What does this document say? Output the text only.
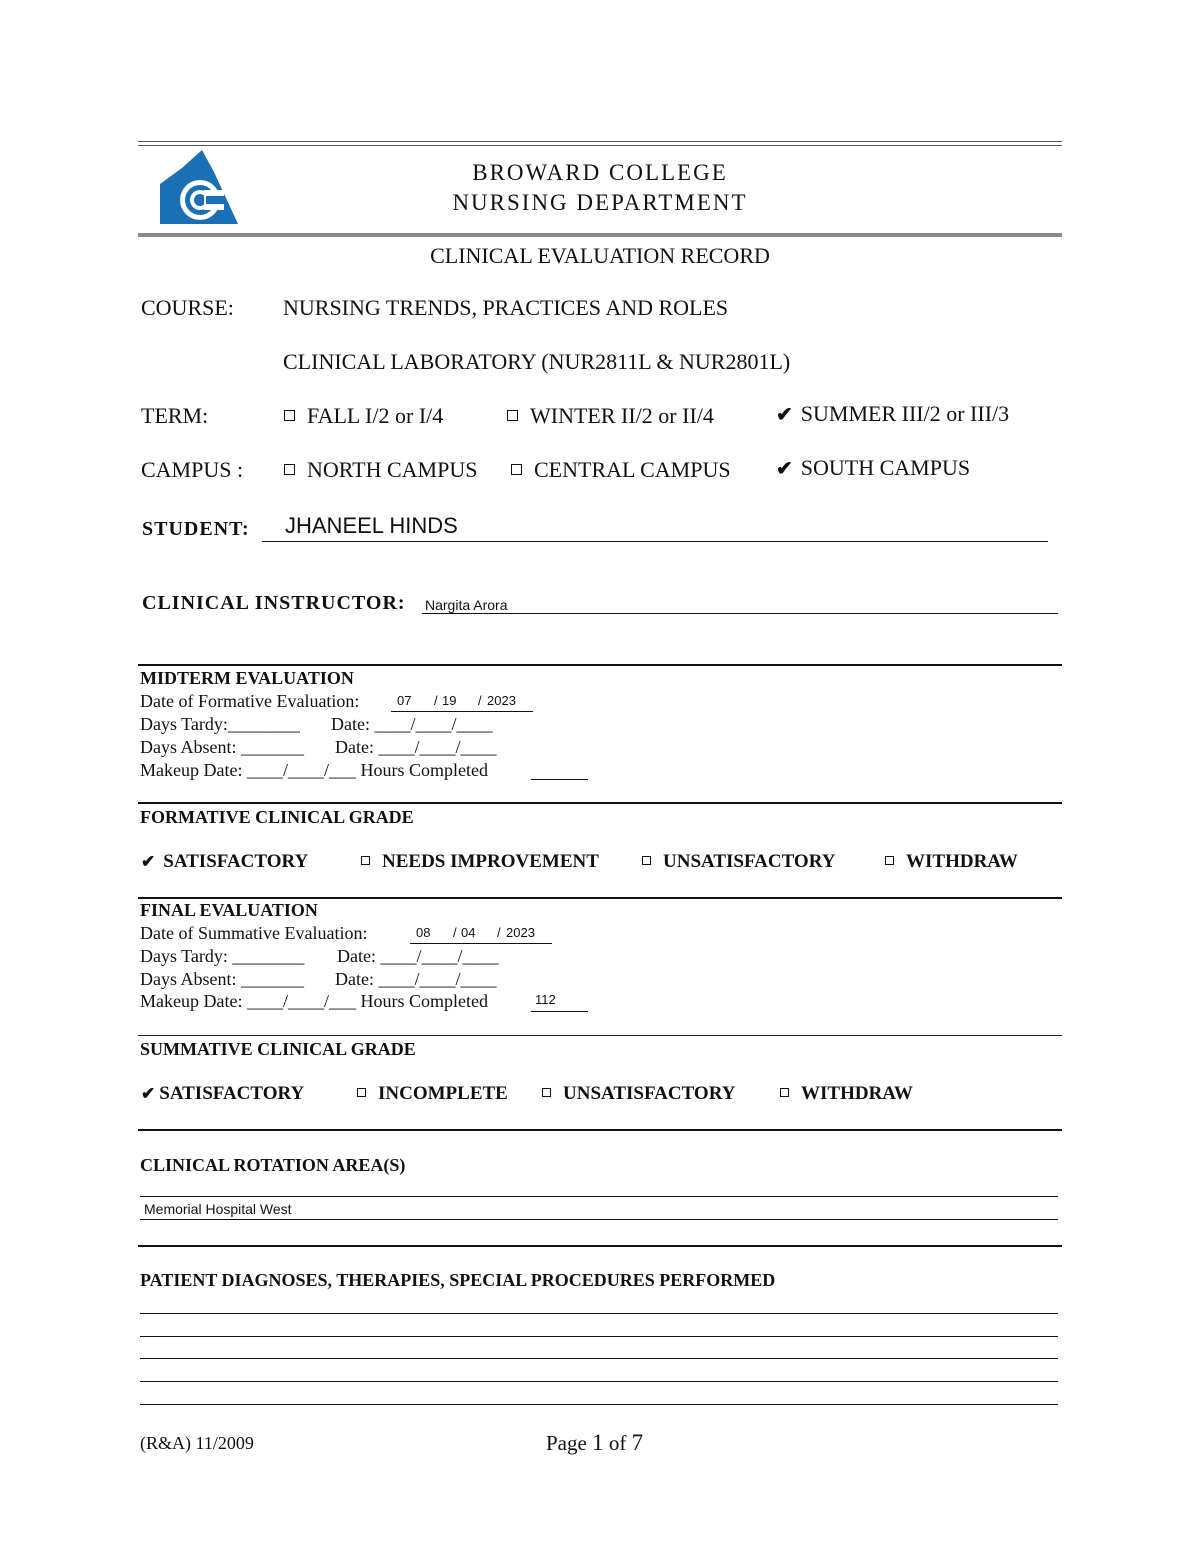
BROWARD COLLEGE
NURSING DEPARTMENT
CLINICAL EVALUATION RECORD
COURSE: NURSING TRENDS, PRACTICES AND ROLES
CLINICAL LABORATORY (NUR2811L & NUR2801L)
TERM:	FALL I/2 or I/4	WINTER II/2 or II/4	✔ SUMMER III/2 or III/3
CAMPUS :	NORTH CAMPUS	CENTRAL CAMPUS ✔ SOUTH CAMPUS
STUDENT: JHANEEL HINDS
CLINICAL INSTRUCTOR: Nargita Arora
MIDTERM EVALUATION
Date of Formative Evaluation:	07 / 19 / 2023
Days Tardy:________ Date: ____/____/____
Days Absent: _______ Date: ____/____/____
Makeup Date: ____/____/___ Hours Completed
FORMATIVE CLINICAL GRADE
✔ SATISFACTORY	NEEDS IMPROVEMENT	UNSATISFACTORY	WITHDRAW
FINAL EVALUATION
Date of Summative Evaluation:	08 / 04 / 2023
Days Tardy: ________ Date: ____/____/____
Days Absent: _______ Date: ____/____/____
Makeup Date: ____/____/___ Hours Completed	112
SUMMATIVE CLINICAL GRADE
✔ SATISFACTORY	INCOMPLETE	UNSATISFACTORY	WITHDRAW
CLINICAL ROTATION AREA(S)
Memorial Hospital West
PATIENT DIAGNOSES, THERAPIES, SPECIAL PROCEDURES PERFORMED
(R&A) 11/2009	Page 1 of 7
